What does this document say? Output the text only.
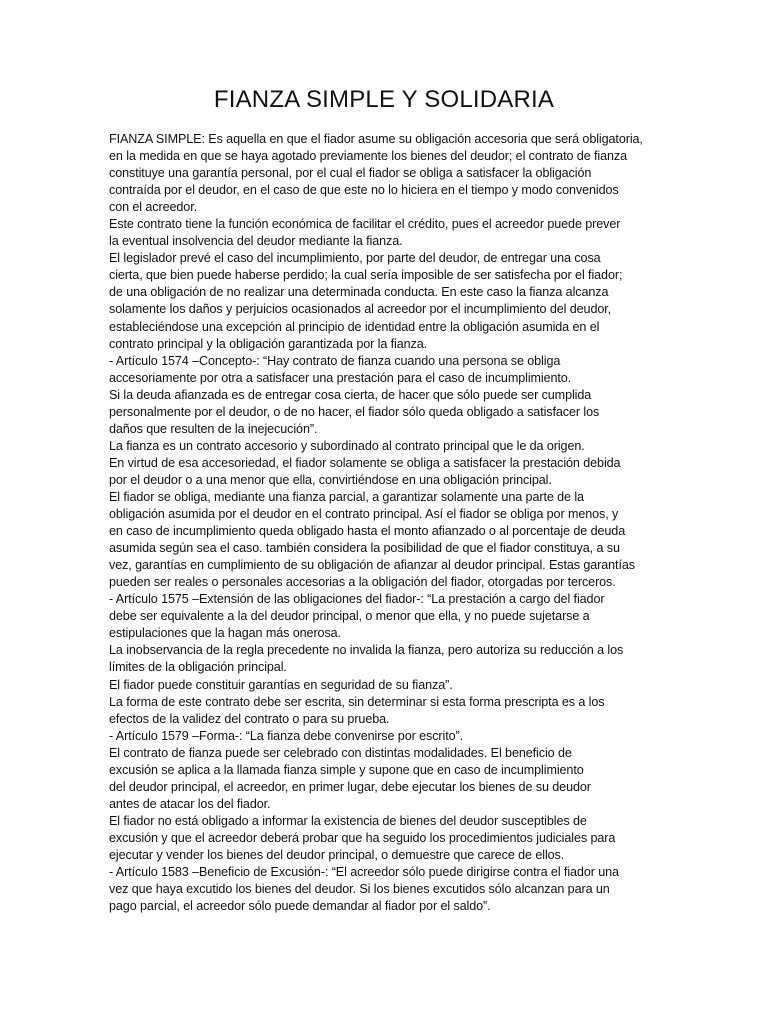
FIANZA SIMPLE Y SOLIDARIA
FIANZA SIMPLE: Es aquella en que el fiador asume su obligación accesoria que será obligatoria,
en la medida en que se haya agotado previamente los bienes del deudor; el contrato de fianza
constituye una garantía personal, por el cual el fiador se obliga a satisfacer la obligación
contraída por el deudor, en el caso de que este no lo hiciera en el tiempo y modo convenidos
con el acreedor.
Este contrato tiene la función económica de facilitar el crédito, pues el acreedor puede prever
la eventual insolvencia del deudor mediante la fianza.
El legislador prevé el caso del incumplimiento, por parte del deudor, de entregar una cosa
cierta, que bien puede haberse perdido; la cual sería imposible de ser satisfecha por el fiador;
de una obligación de no realizar una determinada conducta. En este caso la fianza alcanza
solamente los daños y perjuicios ocasionados al acreedor por el incumplimiento del deudor,
estableciéndose una excepción al principio de identidad entre la obligación asumida en el
contrato principal y la obligación garantizada por la fianza.
- Artículo 1574 –Concepto-: “Hay contrato de fianza cuando una persona se obliga
accesoriamente por otra a satisfacer una prestación para el caso de incumplimiento.
Si la deuda afianzada es de entregar cosa cierta, de hacer que sólo puede ser cumplida
personalmente por el deudor, o de no hacer, el fiador sólo queda obligado a satisfacer los
daños que resulten de la inejecución”.
La fianza es un contrato accesorio y subordinado al contrato principal que le da origen.
En virtud de esa accesoriedad, el fiador solamente se obliga a satisfacer la prestación debida
por el deudor o a una menor que ella, convirtiéndose en una obligación principal.
El fiador se obliga, mediante una fianza parcial, a garantizar solamente una parte de la
obligación asumida por el deudor en el contrato principal. Así el fiador se obliga por menos, y
en caso de incumplimiento queda obligado hasta el monto afianzado o al porcentaje de deuda
asumida según sea el caso. también considera la posibilidad de que el fiador constituya, a su
vez, garantías en cumplimiento de su obligación de afianzar al deudor principal. Estas garantías
pueden ser reales o personales accesorias a la obligación del fiador, otorgadas por terceros.
- Artículo 1575 –Extensión de las obligaciones del fiador-: “La prestación a cargo del fiador
debe ser equivalente a la del deudor principal, o menor que ella, y no puede sujetarse a
estipulaciones que la hagan más onerosa.
La inobservancia de la regla precedente no invalida la fianza, pero autoriza su reducción a los
límites de la obligación principal.
El fiador puede constituir garantías en seguridad de su fianza”.
La forma de este contrato debe ser escrita, sin determinar si esta forma prescripta es a los
efectos de la validez del contrato o para su prueba.
- Artículo 1579 –Forma-: “La fianza debe convenirse por escrito”.
El contrato de fianza puede ser celebrado con distintas modalidades. El beneficio de
excusión se aplica a la llamada fianza simple y supone que en caso de incumplimiento
del deudor principal, el acreedor, en primer lugar, debe ejecutar los bienes de su deudor
antes de atacar los del fiador.
El fiador no está obligado a informar la existencia de bienes del deudor susceptibles de
excusión y que el acreedor deberá probar que ha seguido los procedimientos judiciales para
ejecutar y vender los bienes del deudor principal, o demuestre que carece de ellos.
- Artículo 1583 –Beneficio de Excusión-: “El acreedor sólo puede dirigirse contra el fiador una
vez que haya excutido los bienes del deudor. Si los bienes excutidos sólo alcanzan para un
pago parcial, el acreedor sólo puede demandar al fiador por el saldo”.
